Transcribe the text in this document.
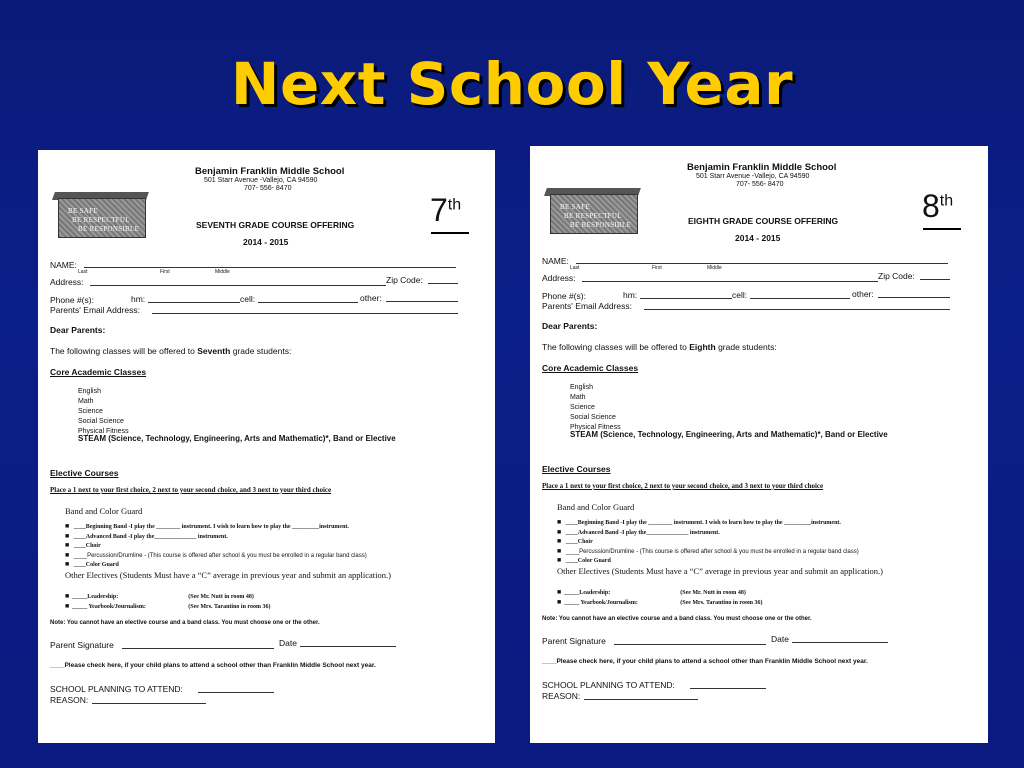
Next School Year
Benjamin Franklin Middle School
501 Starr Avenue -Vallejo, CA 94590
707- 556- 8470
BE SAFE
BE RESPECTFUL
BE RESPONSIBLE
7th
SEVENTH GRADE COURSE OFFERING
2014 - 2015
NAME:
Last	First	Middle
Address:	Zip Code:
Phone #(s):	hm:	cell:	other:
Parents' Email Address:
Dear Parents:
The following classes will be offered to Seventh grade students:
Core Academic Classes
English
Math
Science
Social Science
Physical Fitness
STEAM (Science, Technology, Engineering, Arts and Mathematic)*, Band or Elective
Elective Courses
Place a 1 next to your first choice, 2 next to your second choice, and 3 next to your third choice
Band and Color Guard
■ ____Beginning Band -I play the ________ instrument. I wish to learn how to play the _________instrument.
■ ____Advanced Band -I play the______________ instrument.
■ ____Choir
■ ____Percussion/Drumline - (This course is offered after school & you must be enrolled in a regular band class)
■ ____Color Guard
Other Electives (Students Must have a “C” average in previous year and submit an application.)
■ _____Leadership:	(See Mr. Nutt in room 48)
■ _____ Yearbook/Journalism:	(See Mrs. Tarantino in room 36)
Note: You cannot have an elective course and a band class. You must choose one or the other.
Parent Signature	Date
____Please check here, if your child plans to attend a school other than Franklin Middle School next year.
SCHOOL PLANNING TO ATTEND:
REASON:
Benjamin Franklin Middle School
501 Starr Avenue -Vallejo, CA 94590
707- 556- 8470
BE SAFE
BE RESPECTFUL
BE RESPONSIBLE
8th
EIGHTH GRADE COURSE OFFERING
2014 - 2015
NAME:
Last	First	Middle
Address:	Zip Code:
Phone #(s):	hm:	cell:	other:
Parents' Email Address:
Dear Parents:
The following classes will be offered to Eighth grade students:
Core Academic Classes
English
Math
Science
Social Science
Physical Fitness
STEAM (Science, Technology, Engineering, Arts and Mathematic)*, Band or Elective
Elective Courses
Place a 1 next to your first choice, 2 next to your second choice, and 3 next to your third choice
Band and Color Guard
■ ____Beginning Band -I play the ________ instrument. I wish to learn how to play the _________instrument.
■ ____Advanced Band -I play the______________ instrument.
■ ____Choir
■ ____Percussion/Drumline - (This course is offered after school & you must be enrolled in a regular band class)
■ ____Color Guard
Other Electives (Students Must have a “C” average in previous year and submit an application.)
■ _____Leadership:	(See Mr. Nutt in room 48)
■ _____ Yearbook/Journalism:	(See Mrs. Tarantino in room 36)
Note: You cannot have an elective course and a band class. You must choose one or the other.
Parent Signature	Date
____Please check here, if your child plans to attend a school other than Franklin Middle School next year.
SCHOOL PLANNING TO ATTEND:
REASON:
